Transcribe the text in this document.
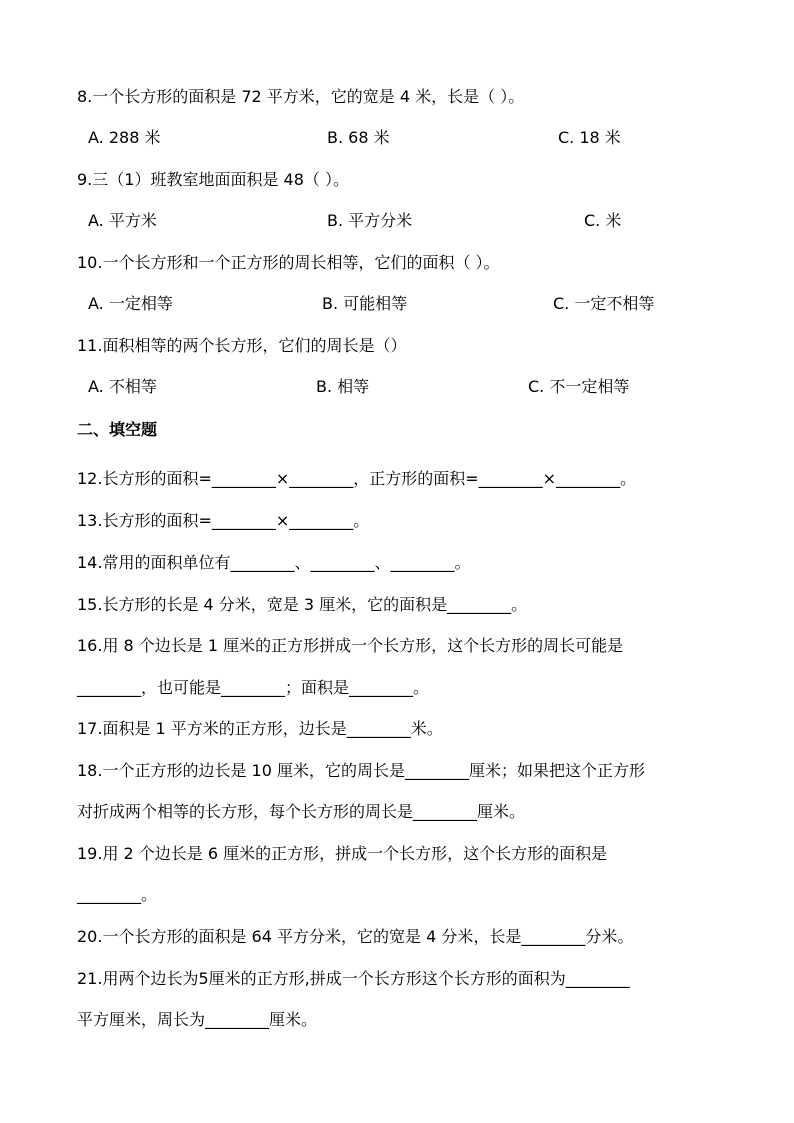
8.一个长方形的面积是 72 平方米，它的宽是 4 米，长是（ ）。
A. 288 米	B. 68 米	C. 18 米
9.三（1）班教室地面面积是 48（ ）。
A. 平方米	B. 平方分米	C. 米
10.一个长方形和一个正方形的周长相等，它们的面积（ ）。
A. 一定相等	B. 可能相等	C. 一定不相等
11.面积相等的两个长方形，它们的周长是（）
A. 不相等	B. 相等	C. 不一定相等
二、填空题
12.长方形的面积=________×________，正方形的面积=________×________。
13.长方形的面积=________×________。
14.常用的面积单位有________、________、________。
15.长方形的长是 4 分米，宽是 3 厘米，它的面积是________。
16.用 8 个边长是 1 厘米的正方形拼成一个长方形，这个长方形的周长可能是
________，也可能是________；面积是________。
17.面积是 1 平方米的正方形，边长是________米。
18.一个正方形的边长是 10 厘米，它的周长是________厘米；如果把这个正方形
对折成两个相等的长方形，每个长方形的周长是________厘米。
19.用 2 个边长是 6 厘米的正方形，拼成一个长方形，这个长方形的面积是
________。
20.一个长方形的面积是 64 平方分米，它的宽是 4 分米，长是________分米。
21.用两个边长为5厘米的正方形,拼成一个长方形这个长方形的面积为________
平方厘米，周长为________厘米。
